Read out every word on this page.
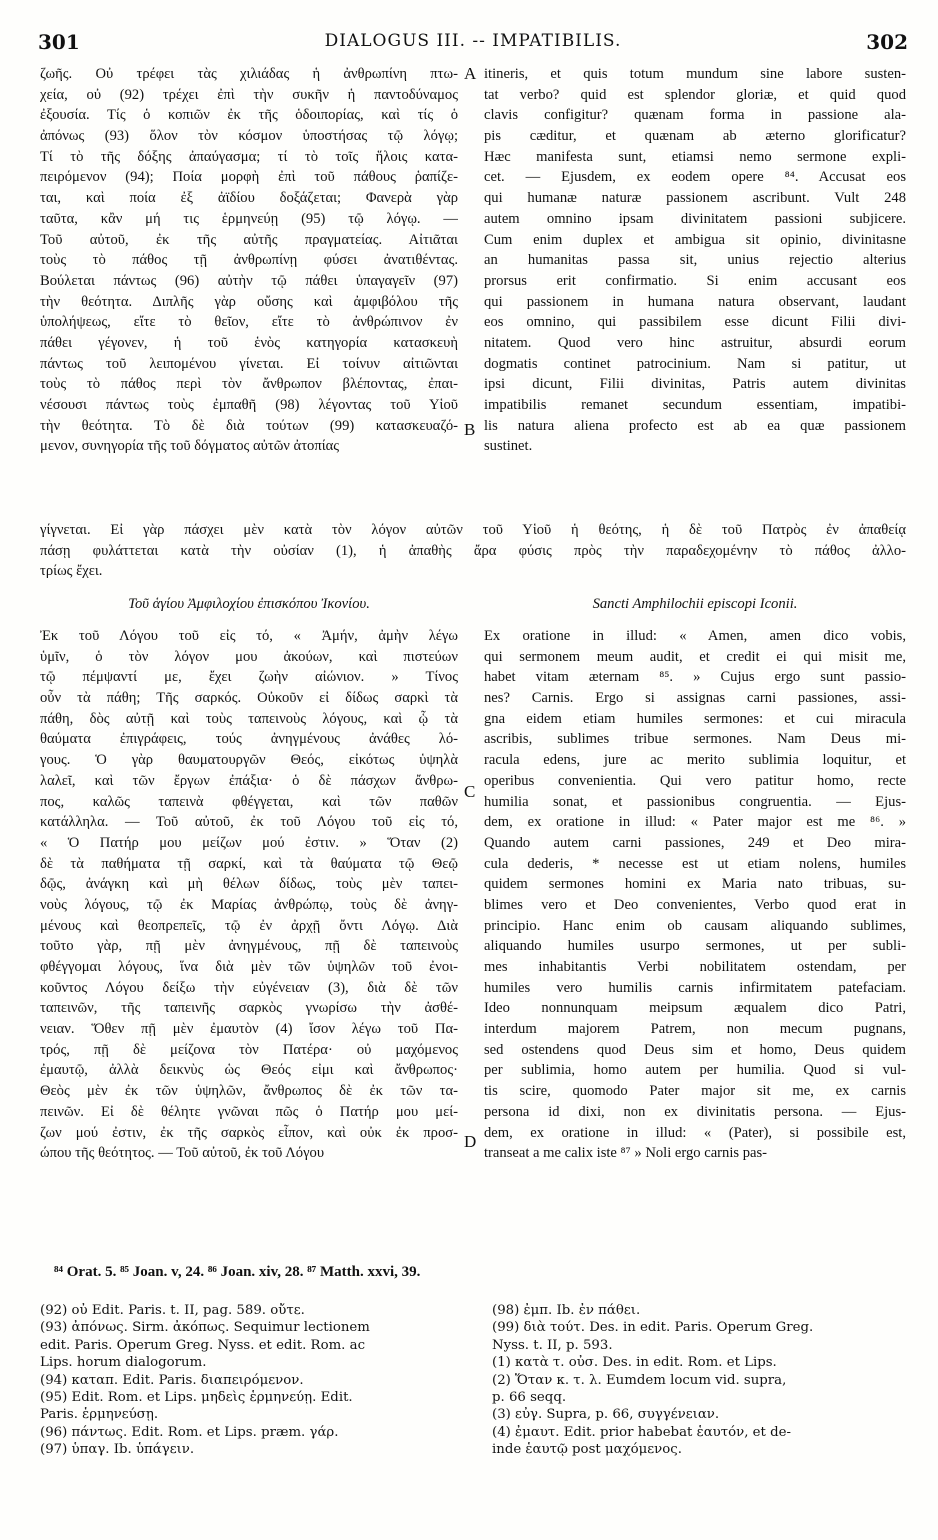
301	DIALOGUS III. -- IMPATIBILIS.	302
ζωῆς. Οὐ τρέφει τὰς χιλιάδας ἡ ἀνθρωπίνη πτω-
χεία, οὐ (92) τρέχει ἐπὶ τὴν συκῆν ἡ παντοδύναμος
ἐξουσία. Τίς ὁ κοπιῶν ἐκ τῆς ὁδοιπορίας, καὶ τίς ὁ
ἀπόνως (93) ὅλον τὸν κόσμον ὑποστήσας τῷ λόγῳ;
Τί τὸ τῆς δόξης ἀπαύγασμα; τί τὸ τοῖς ἥλοις κατα-
πειρόμενον (94); Ποία μορφὴ ἐπὶ τοῦ πάθους ῥαπίζε-
ται, καὶ ποία ἐξ ἀϊδίου δοξάζεται; Φανερὰ γὰρ
ταῦτα, κἂν μή τις ἑρμηνεύῃ (95) τῷ λόγῳ. —
Τοῦ αὐτοῦ, ἐκ τῆς αὐτῆς πραγματείας. Αἰτιᾶται
τοὺς τὸ πάθος τῇ ἀνθρωπίνῃ φύσει ἀνατιθέντας.
Βούλεται πάντως (96) αὐτὴν τῷ πάθει ὑπαγαγεῖν (97)
τὴν θεότητα. Διπλῆς γὰρ οὔσης καὶ ἀμφιβόλου τῆς
ὑπολήψεως, εἴτε τὸ θεῖον, εἴτε τὸ ἀνθρώπινον ἐν
πάθει γέγονεν, ἡ τοῦ ἑνὸς κατηγορία κατασκευὴ
πάντως τοῦ λειπομένου γίνεται. Εἰ τοίνυν αἰτιῶνται
τοὺς τὸ πάθος περὶ τὸν ἄνθρωπον βλέποντας, ἐπαι-
νέσουσι πάντως τοὺς ἐμπαθῆ (98) λέγοντας τοῦ Υἱοῦ
τὴν θεότητα. Τὸ δὲ διὰ τούτων (99) κατασκευαζό-
μενον, συνηγορία τῆς τοῦ δόγματος αὐτῶν ἀτοπίας
itineris, et quis totum mundum sine labore susten-
tat verbo? quid est splendor gloriæ, et quid quod
clavis configitur? quænam forma in passione ala-
pis cæditur, et quænam ab æterno glorificatur?
Hæc manifesta sunt, etiamsi nemo sermone expli-
cet. — Ejusdem, ex eodem opere ⁸⁴. Accusat eos
qui humanæ naturæ passionem ascribunt. Vult 248
autem omnino ipsam divinitatem passioni subjicere.
Cum enim duplex et ambigua sit opinio, divinitasne
an humanitas passa sit, unius rejectio alterius
prorsus erit confirmatio. Si enim accusant eos
qui passionem in humana natura observant, laudant
eos omnino, qui passibilem esse dicunt Filii divi-
nitatem. Quod vero hinc astruitur, absurdi eorum
dogmatis continet patrocinium. Nam si patitur, ut
ipsi dicunt, Filii divinitas, Patris autem divinitas
impatibilis remanet secundum essentiam, impatibi-
lis natura aliena profecto est ab ea quæ passionem
sustinet.
γίγνεται. Εἰ γὰρ πάσχει μὲν κατὰ τὸν λόγον αὐτῶν τοῦ Υἱοῦ ἡ θεότης, ἡ δὲ τοῦ Πατρὸς ἐν ἀπαθείᾳ
πάσῃ φυλάττεται κατὰ τὴν οὐσίαν (1), ἡ ἀπαθὴς ἄρα φύσις πρὸς τὴν παραδεχομένην τὸ πάθος ἀλλο-
τρίως ἔχει.
Τοῦ ἁγίου Ἀμφιλοχίου ἐπισκόπου Ἰκονίου.	Sancti Amphilochii episcopi Iconii.
Ἐκ τοῦ Λόγου τοῦ εἰς τό, « Ἀμήν, ἀμὴν λέγω
ὑμῖν, ὁ τὸν λόγον μου ἀκούων, καὶ πιστεύων
τῷ πέμψαντί με, ἔχει ζωὴν αἰώνιον. » Τίνος
οὖν τὰ πάθη; Τῆς σαρκός. Οὐκοῦν εἰ δίδως σαρκὶ τὰ
πάθη, δὸς αὐτῇ καὶ τοὺς ταπεινοὺς λόγους, καὶ ᾧ τὰ
θαύματα ἐπιγράφεις, τούς ἀνηγμένους ἀνάθες λό-
γους. Ὁ γὰρ θαυματουργῶν Θεός, εἰκότως ὑψηλὰ
λαλεῖ, καὶ τῶν ἔργων ἐπάξια· ὁ δὲ πάσχων ἄνθρω-
πος, καλῶς ταπεινὰ φθέγγεται, καὶ τῶν παθῶν
κατάλληλα. — Τοῦ αὐτοῦ, ἐκ τοῦ Λόγου τοῦ εἰς τό,
« Ὁ Πατήρ μου μείζων μού ἐστιν. » Ὅταν (2)
δὲ τὰ παθήματα τῇ σαρκί, καὶ τὰ θαύματα τῷ Θεῷ
δῷς, ἀνάγκη καὶ μὴ θέλων δίδως, τοὺς μὲν ταπει-
νοὺς λόγους, τῷ ἐκ Μαρίας ἀνθρώπῳ, τοὺς δὲ ἀνηγ-
μένους καὶ θεοπρεπεῖς, τῷ ἐν ἀρχῇ ὄντι Λόγῳ. Διὰ
τοῦτο γὰρ, πῇ μὲν ἀνηγμένους, πῇ δὲ ταπεινοὺς
φθέγγομαι λόγους, ἵνα διὰ μὲν τῶν ὑψηλῶν τοῦ ἐνοι-
κοῦντος Λόγου δείξω τὴν εὐγένειαν (3), διὰ δὲ τῶν
ταπεινῶν, τῆς ταπεινῆς σαρκὸς γνωρίσω τὴν ἀσθέ-
νειαν. Ὅθεν πῇ μὲν ἐμαυτὸν (4) ἴσον λέγω τοῦ Πα-
τρός, πῇ δὲ μείζονα τὸν Πατέρα· οὐ μαχόμενος
ἐμαυτῷ, ἀλλὰ δεικνὺς ὡς Θεός εἰμι καὶ ἄνθρωπος·
Θεὸς μὲν ἐκ τῶν ὑψηλῶν, ἄνθρωπος δὲ ἐκ τῶν τα-
πεινῶν. Εἰ δὲ θέλητε γνῶναι πῶς ὁ Πατήρ μου μεί-
ζων μού ἐστιν, ἐκ τῆς σαρκὸς εἶπον, καὶ οὐκ ἐκ προσ-
ώπου τῆς θεότητος. — Τοῦ αὐτοῦ, ἐκ τοῦ Λόγου
Ex oratione in illud: « Amen, amen dico vobis,
qui sermonem meum audit, et credit ei qui misit me,
habet vitam æternam ⁸⁵. » Cujus ergo sunt passio-
nes? Carnis. Ergo si assignas carni passiones, assi-
gna eidem etiam humiles sermones: et cui miracula
ascribis, sublimes tribue sermones. Nam Deus mi-
racula edens, jure ac merito sublimia loquitur, et
operibus convenientia. Qui vero patitur homo, recte
humilia sonat, et passionibus congruentia. — Ejus-
dem, ex oratione in illud: « Pater major est me ⁸⁶. »
Quando autem carni passiones, 249 et Deo mira-
cula dederis, * necesse est ut etiam nolens, humiles
quidem sermones homini ex Maria nato tribuas, su-
blimes vero et Deo convenientes, Verbo quod erat in
principio. Hanc enim ob causam aliquando sublimes,
aliquando humiles usurpo sermones, ut per subli-
mes inhabitantis Verbi nobilitatem ostendam, per
humiles vero humilis carnis infirmitatem patefaciam.
Ideo nonnunquam meipsum æqualem dico Patri,
interdum majorem Patrem, non mecum pugnans,
sed ostendens quod Deus sim et homo, Deus quidem
per sublimia, homo autem per humilia. Quod si vul-
tis scire, quomodo Pater major sit me, ex carnis
persona id dixi, non ex divinitatis persona. — Ejus-
dem, ex oratione in illud: « (Pater), si possibile est,
transeat a me calix iste ⁸⁷ » Noli ergo carnis pas-
A
B
C
D
⁸⁴ Orat. 5. ⁸⁵ Joan. v, 24. ⁸⁶ Joan. xiv, 28. ⁸⁷ Matth. xxvi, 39.
(92) οὐ Edit. Paris. t. II, pag. 589. οὔτε.
(93) ἀπόνως. Sirm. ἀκόπως. Sequimur lectionem
edit. Paris. Operum Greg. Nyss. et edit. Rom. ac
Lips. horum dialogorum.
(94) καταπ. Edit. Paris. διαπειρόμενον.
(95) Edit. Rom. et Lips. μηδεὶς ἑρμηνεύῃ. Edit.
Paris. ἑρμηνεύσῃ.
(96) πάντως. Edit. Rom. et Lips. præm. γάρ.
(97) ὑπαγ. Ib. ὑπάγειν.
(98) ἐμπ. Ib. ἐν πάθει.
(99) διὰ τούτ. Des. in edit. Paris. Operum Greg.
Nyss. t. II, p. 593.
(1) κατὰ τ. οὐσ. Des. in edit. Rom. et Lips.
(2) Ὅταν κ. τ. λ. Eumdem locum vid. supra,
p. 66 seqq.
(3) εὐγ. Supra, p. 66, συγγένειαν.
(4) ἐμαυτ. Edit. prior habebat ἑαυτόν, et de-
inde ἑαυτῷ post μαχόμενος.
